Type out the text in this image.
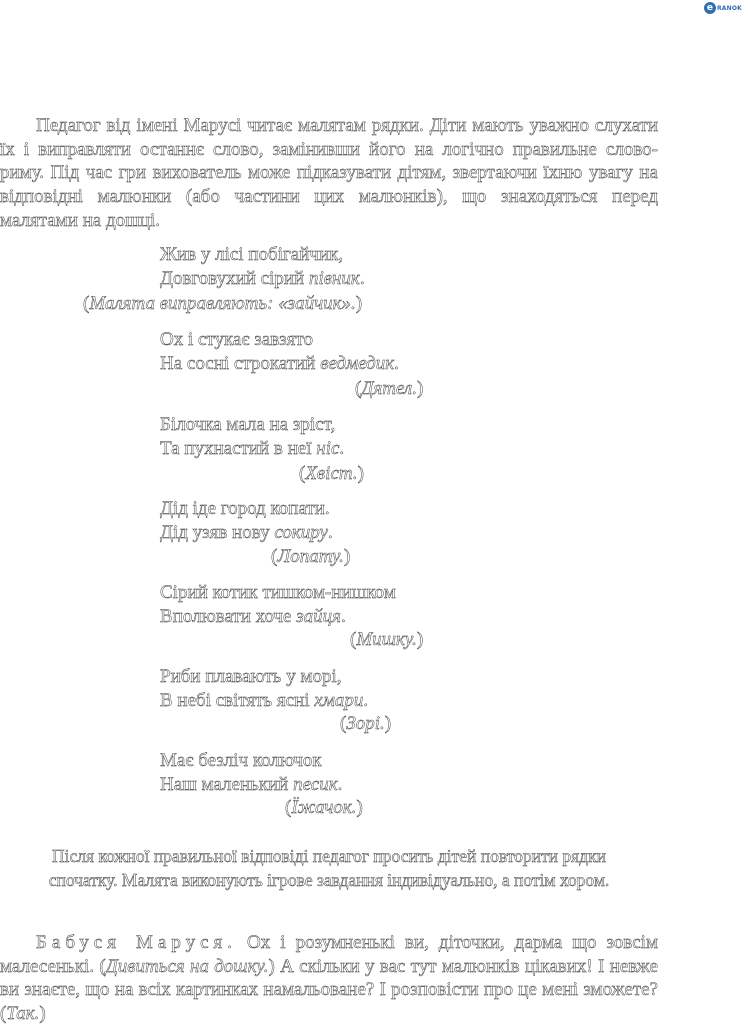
e RANOK

Педагог від імені Марусі читає малятам рядки. Діти мають уважно слухати їх і виправляти останнє слово, замінивши його на логічно правильне слово-риму. Під час гри вихователь може підказувати дітям, звертаючи їхню увагу на відповідні малюнки (або частини цих малюнків), що знаходяться перед малятами на дошці.

Жив у лісі побігайчик,
Довговухий сірий півник.

(Малята виправляють: «зайчик».)

Ох і стукає завзято
На сосні строкатий ведмедик.

(Дятел.)

Білочка мала на зріст,
Та пухнастий в неї ніс.

(Хвіст.)

Дід іде город копати.
Дід узяв нову сокиру.

(Лопату.)

Сірий котик тишком-нишком
Вполювати хоче зайця.

(Мишку.)

Риби плавають у морі,
В небі світять ясні хмари.

(Зорі.)

Має безліч колючок
Наш маленький песик.

(Їжачок.)

Після кожної правильної відповіді педагог просить дітей повторити рядки спочатку. Малята виконують ігрове завдання індивідуально, а потім хором.

Бабуся Маруся. Ох і розумненькі ви, діточки, дарма що зовсім малесенькі. (Дивиться на дошку.) А скільки у вас тут малюнків цікавих! І невже ви знаєте, що на всіх картинках намальоване? І розповісти про це мені зможете? (Так.)
